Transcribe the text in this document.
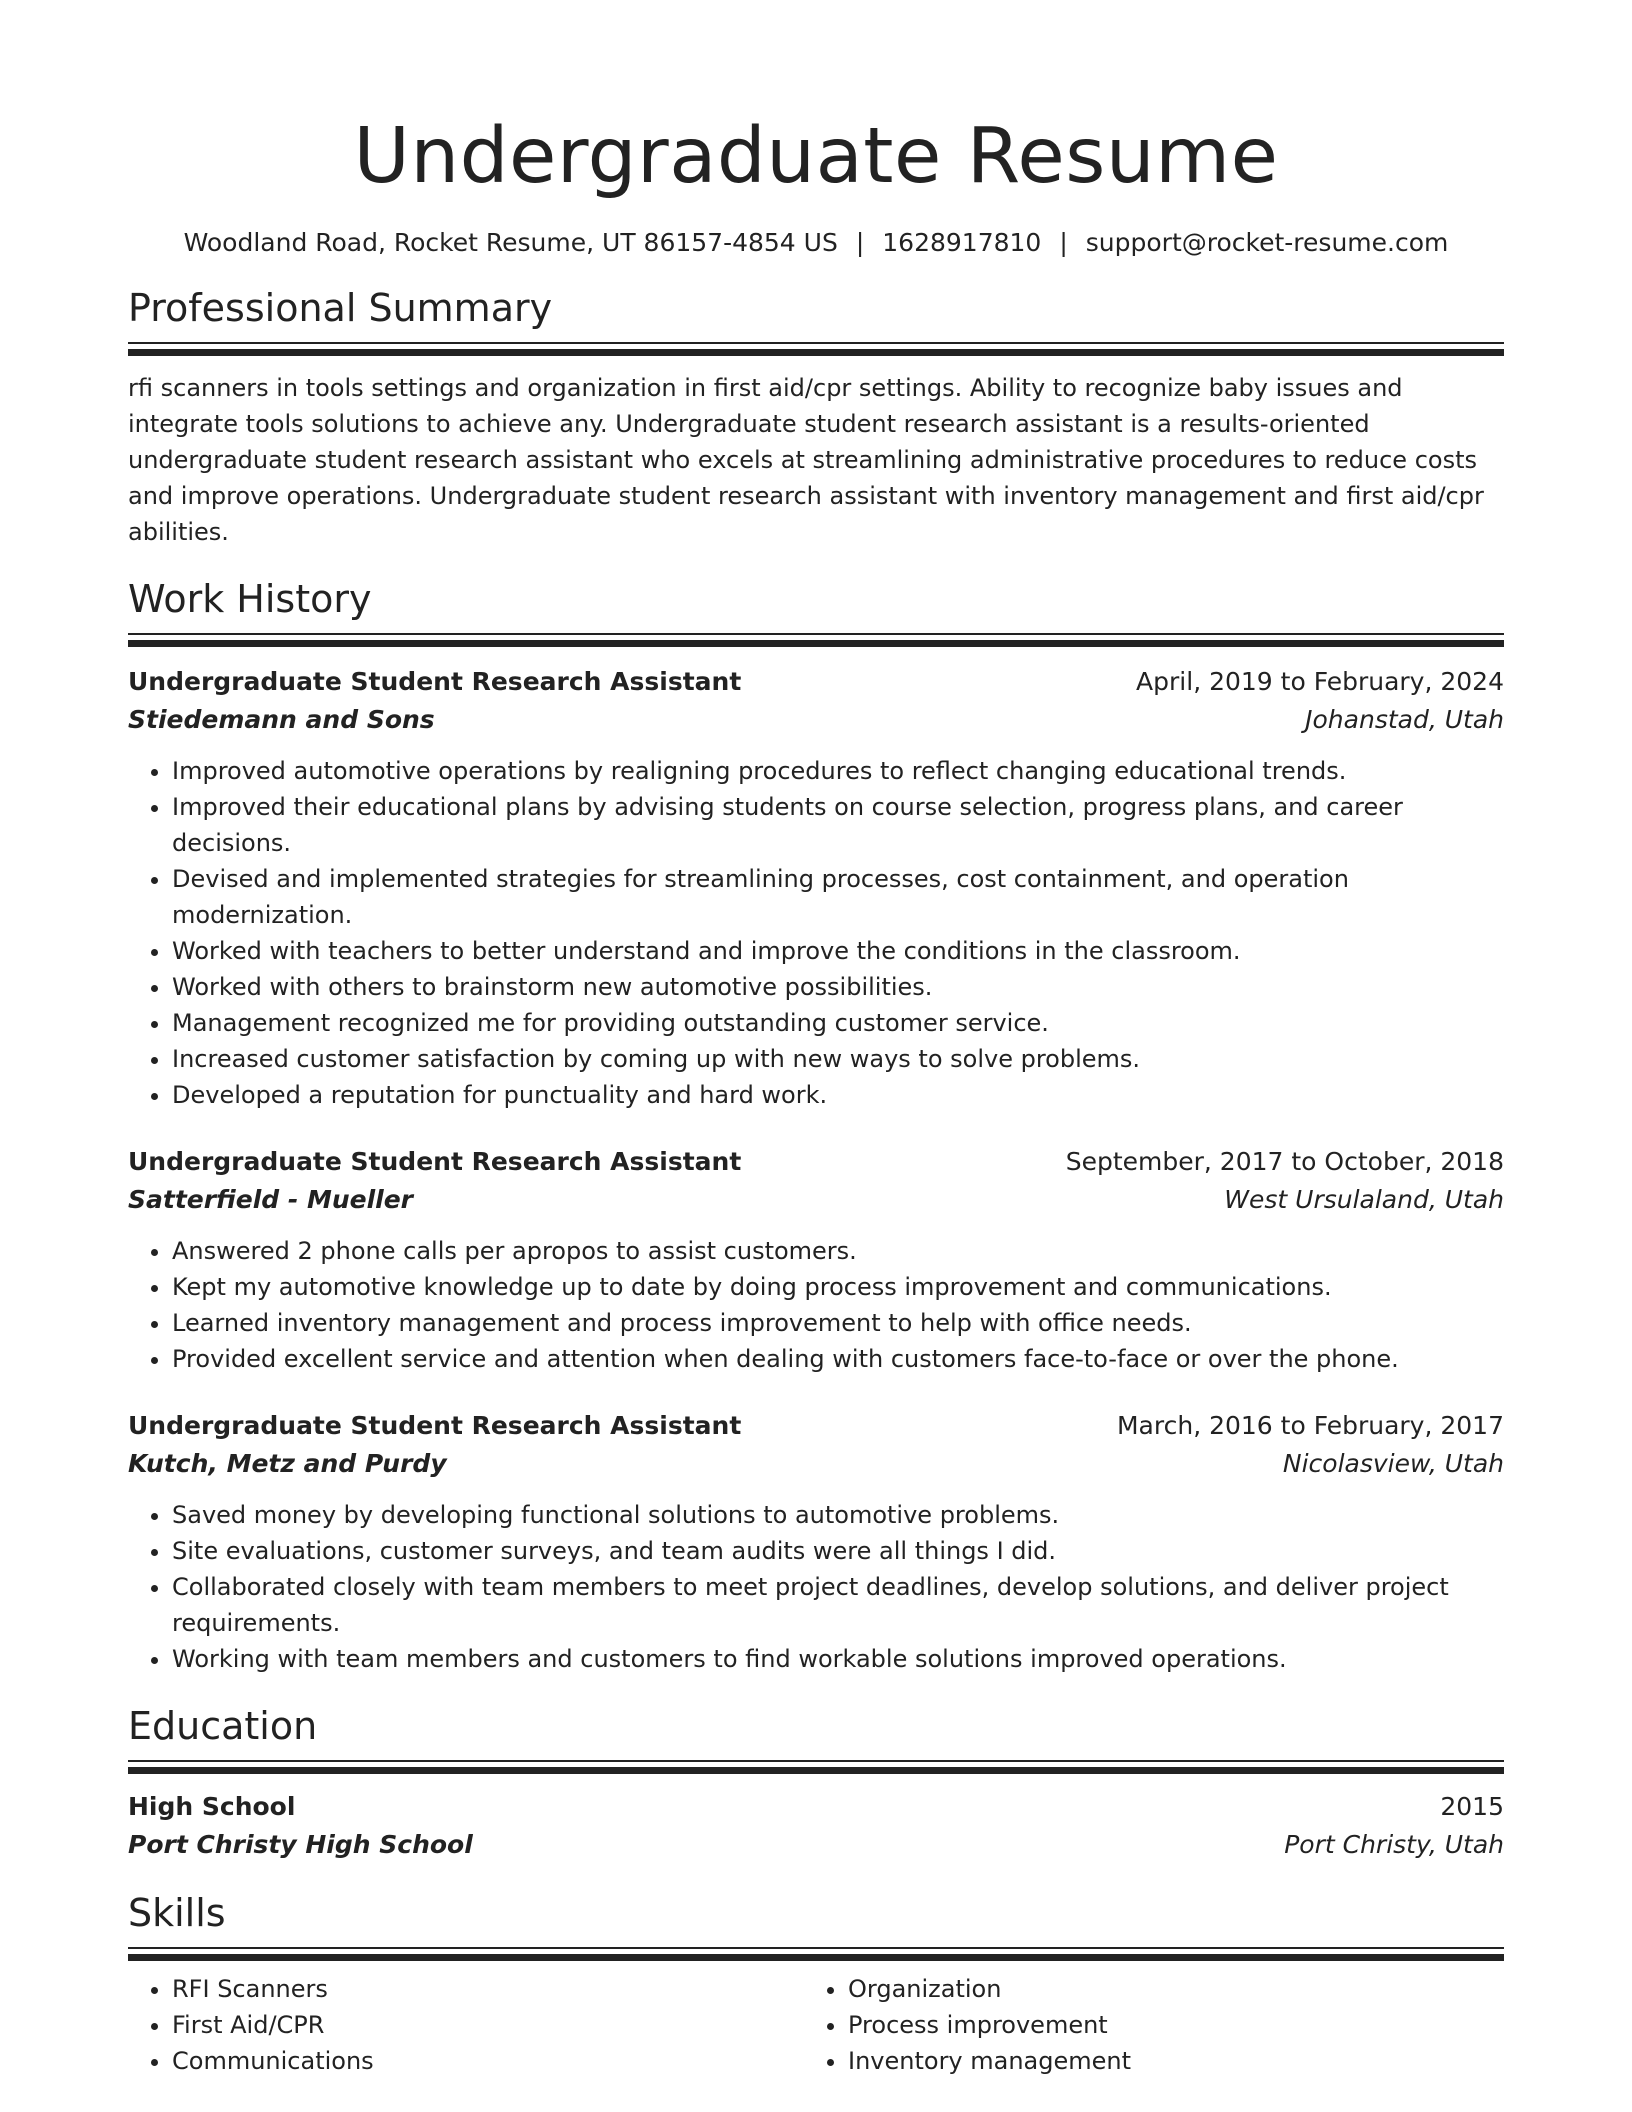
Undergraduate Resume
Woodland Road, Rocket Resume, UT 86157-4854 US | 1628917810 | support@rocket-resume.com
Professional Summary
rfi scanners in tools settings and organization in first aid/cpr settings. Ability to recognize baby issues and integrate tools solutions to achieve any. Undergraduate student research assistant is a results-oriented undergraduate student research assistant who excels at streamlining administrative procedures to reduce costs and improve operations. Undergraduate student research assistant with inventory management and first aid/cpr abilities.
Work History
Undergraduate Student Research Assistant	April, 2019 to February, 2024
Stiedemann and Sons	Johanstad, Utah
• Improved automotive operations by realigning procedures to reflect changing educational trends.
• Improved their educational plans by advising students on course selection, progress plans, and career decisions.
• Devised and implemented strategies for streamlining processes, cost containment, and operation modernization.
• Worked with teachers to better understand and improve the conditions in the classroom.
• Worked with others to brainstorm new automotive possibilities.
• Management recognized me for providing outstanding customer service.
• Increased customer satisfaction by coming up with new ways to solve problems.
• Developed a reputation for punctuality and hard work.
Undergraduate Student Research Assistant	September, 2017 to October, 2018
Satterfield - Mueller	West Ursulaland, Utah
• Answered 2 phone calls per apropos to assist customers.
• Kept my automotive knowledge up to date by doing process improvement and communications.
• Learned inventory management and process improvement to help with office needs.
• Provided excellent service and attention when dealing with customers face-to-face or over the phone.
Undergraduate Student Research Assistant	March, 2016 to February, 2017
Kutch, Metz and Purdy	Nicolasview, Utah
• Saved money by developing functional solutions to automotive problems.
• Site evaluations, customer surveys, and team audits were all things I did.
• Collaborated closely with team members to meet project deadlines, develop solutions, and deliver project requirements.
• Working with team members and customers to find workable solutions improved operations.
Education
High School	2015
Port Christy High School	Port Christy, Utah
Skills
• RFI Scanners
• First Aid/CPR
• Communications
• Organization
• Process improvement
• Inventory management
